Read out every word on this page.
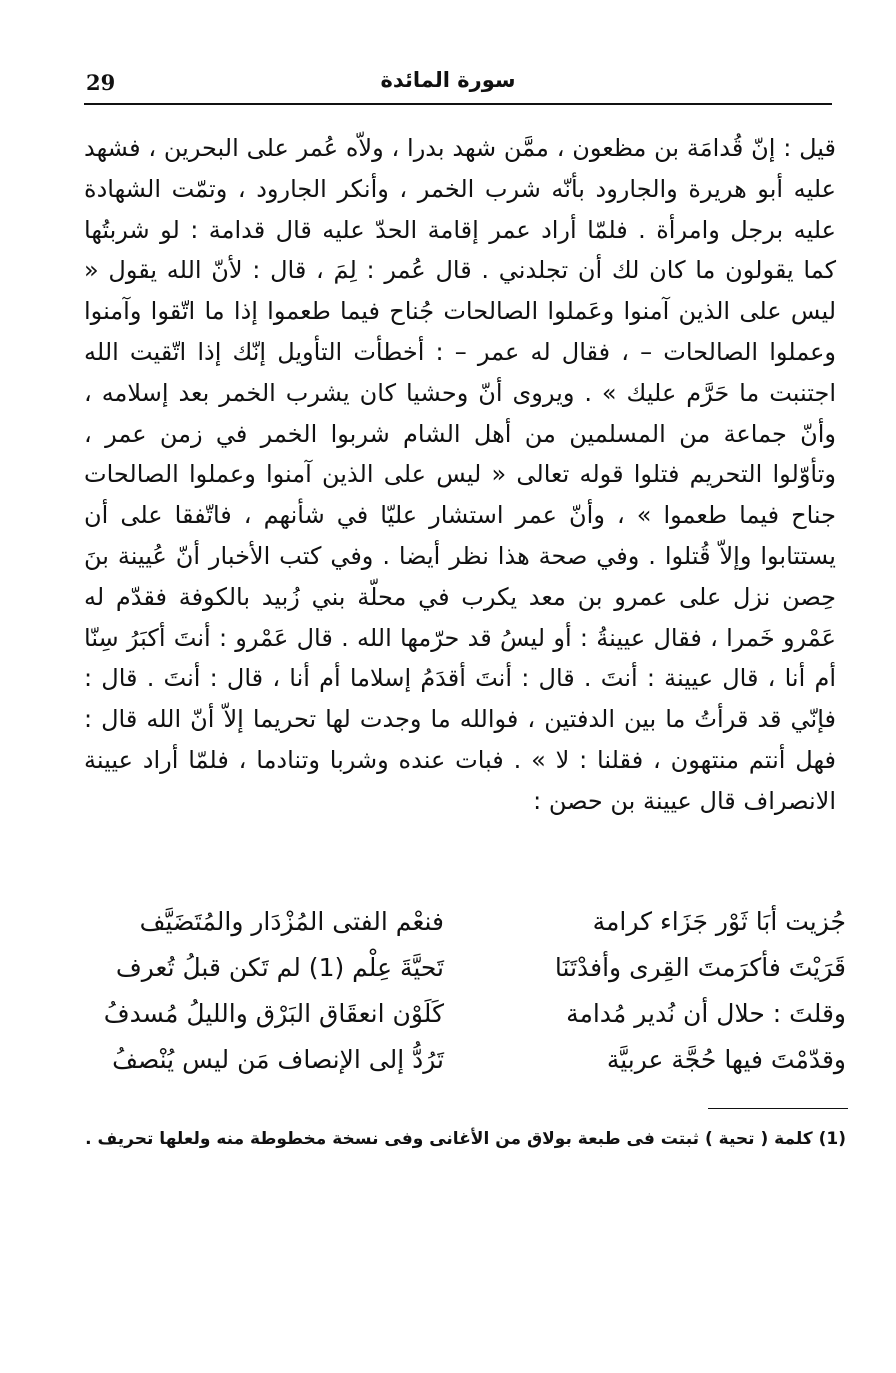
29	سورة المائدة

قيل : إنّ قُدامَة بن مظعون ، ممَّن شهد بدرا ، ولاّه عُمر على البحرين ، فشهد عليه أبو هريرة والجارود بأنّه شرب الخمر ، وأنكر الجارود ، وتمّت الشهادة عليه برجل وامرأة . فلمّا أراد عمر إقامة الحدّ عليه قال قدامة : لو شربتُها كما يقولون ما كان لك أن تجلدني . قال عُمر : لِمَ ، قال : لأنّ الله يقول « ليس على الذين آمنوا وعَملوا الصالحات جُناح فيما طعموا إذا ما اتّقوا وآمنوا وعملوا الصالحات – ، فقال له عمر – : أخطأت التأويل إنّك إذا اتّقيت الله اجتنبت ما حَرَّم عليك » . ويروى أنّ وحشيا كان يشرب الخمر بعد إسلامه ، وأنّ جماعة من المسلمين من أهل الشام شربوا الخمر في زمن عمر ، وتأوّلوا التحريم فتلوا قوله تعالى « ليس على الذين آمنوا وعملوا الصالحات جناح فيما طعموا » ، وأنّ عمر استشار عليّا في شأنهم ، فاتّفقا على أن يستتابوا وإلاّ قُتلوا . وفي صحة هذا نظر أيضا . وفي كتب الأخبار أنّ عُيينة بنَ حِصن نزل على عمرو بن معد يكرب في محلّة بني زُبيد بالكوفة فقدّم له عَمْرو خَمرا ، فقال عيينةُ : أو ليسُ قد حرّمها الله . قال عَمْرو : أنتَ أكبَرُ سِنّا أم أنا ، قال عيينة : أنتَ . قال : أنتَ أقدَمُ إسلاما أم أنا ، قال : أنتَ . قال : فإنّي قد قرأتُ ما بين الدفتين ، فوالله ما وجدت لها تحريما إلاّ أنّ الله قال : فهل أنتم منتهون ، فقلنا : لا » . فبات عنده وشربا وتنادما ، فلمّا أراد عيينة الانصراف قال عيينة بن حصن :

جُزيت أبَا ثَوْر جَزَاء كرامة
فنعْم الفتى المُزْدَار والمُتَضَيَّف
قَرَيْتَ فأكرَمتَ القِرى وأفدْتَنَا
تَحيَّةَ عِلْم (1) لم تَكن قبلُ تُعرف
وقلتَ : حلال أن نُدير مُدامة
كَلَوْن انعقَاق البَرْق والليلُ مُسدفُ
وقدّمْتَ فيها حُجَّة عربيَّة
تَرُدُّ إلى الإنصاف مَن ليس يُنْصفُ

(1) كلمة ( تحية ) ثبتت فى طبعة بولاق من الأغانى وفى نسخة مخطوطة منه ولعلها تحريف .
